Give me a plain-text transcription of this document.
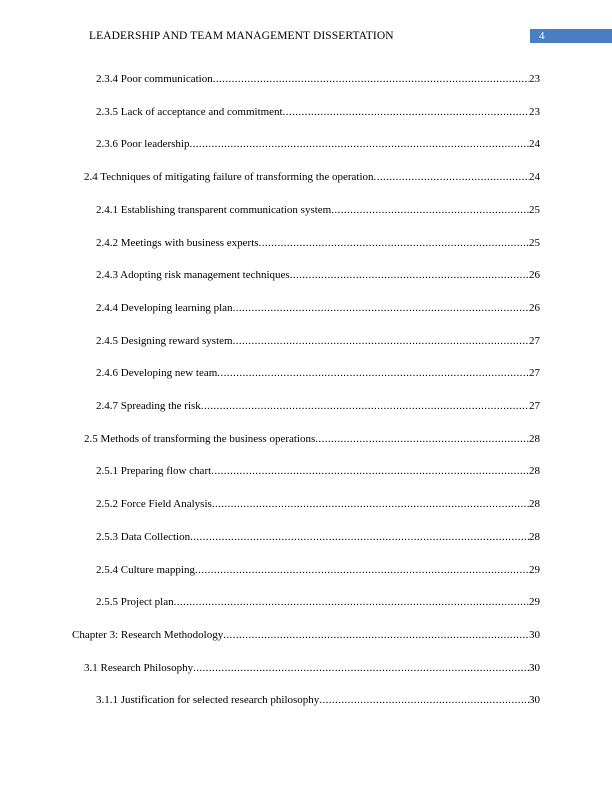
LEADERSHIP AND TEAM MANAGEMENT DISSERTATION	4
2.3.4 Poor communication .....	23
2.3.5 Lack of acceptance and commitment .....	23
2.3.6 Poor leadership .....	24
2.4 Techniques of mitigating failure of transforming the operation .....	24
2.4.1 Establishing transparent communication system .....	25
2.4.2 Meetings with business experts .....	25
2.4.3 Adopting risk management techniques .....	26
2.4.4 Developing learning plan .....	26
2.4.5 Designing reward system .....	27
2.4.6 Developing new team .....	27
2.4.7 Spreading the risk .....	27
2.5 Methods of transforming the business operations .....	28
2.5.1 Preparing flow chart .....	28
2.5.2 Force Field Analysis .....	28
2.5.3 Data Collection .....	28
2.5.4 Culture mapping .....	29
2.5.5 Project plan .....	29
Chapter 3: Research Methodology .....	30
3.1 Research Philosophy .....	30
3.1.1 Justification for selected research philosophy .....	30
